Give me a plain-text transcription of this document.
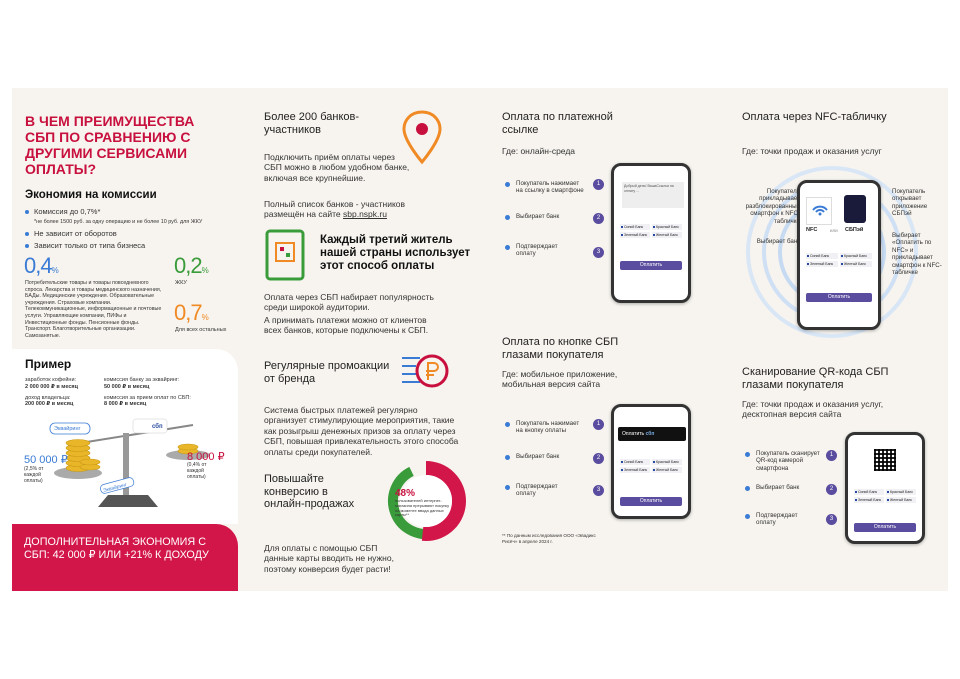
В ЧЕМ ПРЕИМУЩЕСТВА СБП ПО СРАВНЕНИЮ С ДРУГИМИ СЕРВИСАМИ ОПЛАТЫ?
Экономия на комиссии
Комиссия до 0,7%*
*не более 1500 руб. за одну операцию и не более 10 руб. для ЖКУ
Не зависит от оборотов
Зависит только от типа бизнеса
0,4%
Потребительские товары и товары повседневного спроса. Лекарства и товары медицинского назначения, БАДы. Медицинские учреждения. Образовательные учреждения. Страховые компании. Телекоммуникационные, информационные и почтовые услуги. Управляющие компании, ПИФы и Инвестиционные фонды. Пенсионные фонды. Транспорт. Благотворительные организации. Самозанятые.
0,2%
ЖКУ
0,7%
Для всех остальных
Пример
заработок кофейни:
2 000 000 ₽ в месяц
доход владельца:
200 000 ₽ в месяц
комиссия банку за эквайринг:
50 000 ₽ в месяц
комиссия за прием оплат по СБП:
8 000 ₽ в месяц
Эквайринг	сбп
Эквайринг
50 000 ₽
(2,5% от каждой оплаты)
8 000 ₽
(0,4% от каждой оплаты)
ДОПОЛНИТЕЛЬНАЯ ЭКОНОМИЯ С СБП: 42 000 ₽ ИЛИ +21% К ДОХОДУ
Более 200 банков-участников
Подключить приём оплаты через СБП можно в любом удобном банке, включая все крупнейшие.
Полный список банков - участников размещён на сайте sbp.nspk.ru
Каждый третий житель нашей страны использует этот способ оплаты
Оплата через СБП набирает популярность среди широкой аудитории.
А принимать платежи можно от клиентов всех банков, которые подключены к СБП.
Регулярные промоакции от бренда
Система быстрых платежей регулярно организует стимулирующие мероприятия, такие как розыгрыш денежных призов за оплату через СБП, повышая привлекательность этого способа оплаты среди покупателей.
Повышайте конверсию в онлайн-продажах
48%
пользователей интернет-магазина прерывают покупку на моменте ввода данных карты**
Для оплаты с помощью СБП данные карты вводить не нужно, поэтому конверсия будет расти!
Оплата по платежной ссылке
Где: онлайн-среда
Добрый день! ВашаСсылка на оплату ...
Синий Банк	Красный Банк
Зеленый Банк	Желтый Банк
Оплатить
1
2
3
Покупатель нажимает на ссылку в смартфоне
Выбирает банк
Подтверждает оплату
Оплата по кнопке СБП глазами покупателя
Где: мобильное приложение, мобильная версия сайта
Оплатить сбп
Синий Банк	Красный Банк
Зеленый Банк	Желтый Банк
Оплатить
1
2
3
Покупатель нажимает на кнопку оплаты
Выбирает банк
Подтверждает оплату
** По данным исследования ООО «Эвадикс Рисёч» в апреле 2024 г.
Оплата через NFC-табличку
Где: точки продаж и оказания услуг
NFC	или СБПэй
Синий Банк	Красный Банк
Зеленый Банк	Желтый Банк
Оплатить
Покупатель прикладывает разблокированный смартфон к NFC-табличке
Выбирает банк
Покупатель открывает приложение СБПэй
Выбирает «Оплатить по NFC» и прикладывает смартфон к NFC-табличке
Сканирование QR-кода СБП глазами покупателя
Где: точки продаж и оказания услуг, десктопная версия сайта
Синий Банк	Красный Банк
Зеленый Банк	Желтый Банк
Оплатить
1
2
3
Покупатель сканирует QR-код камерой смартфона
Выбирает банк
Подтверждает оплату
